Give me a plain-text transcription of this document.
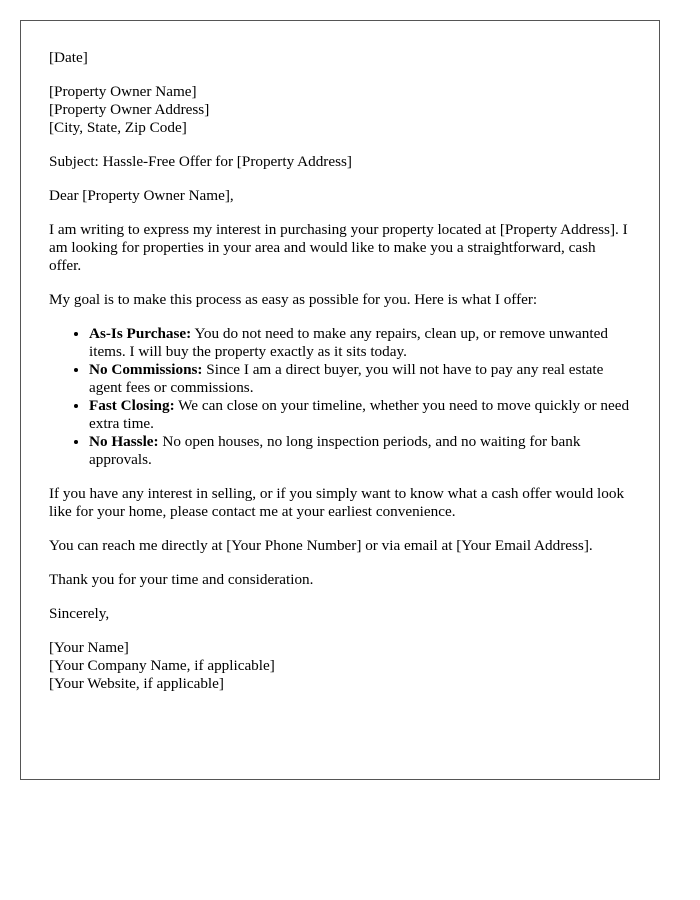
[Date]

[Property Owner Name]
[Property Owner Address]
[City, State, Zip Code]

Subject: Hassle-Free Offer for [Property Address]

Dear [Property Owner Name],

I am writing to express my interest in purchasing your property located at [Property Address]. I am looking for properties in your area and would like to make you a straightforward, cash offer.

My goal is to make this process as easy as possible for you. Here is what I offer:

• As-Is Purchase: You do not need to make any repairs, clean up, or remove unwanted items. I will buy the property exactly as it sits today.
• No Commissions: Since I am a direct buyer, you will not have to pay any real estate agent fees or commissions.
• Fast Closing: We can close on your timeline, whether you need to move quickly or need extra time.
• No Hassle: No open houses, no long inspection periods, and no waiting for bank approvals.

If you have any interest in selling, or if you simply want to know what a cash offer would look like for your home, please contact me at your earliest convenience.

You can reach me directly at [Your Phone Number] or via email at [Your Email Address].

Thank you for your time and consideration.

Sincerely,

[Your Name]
[Your Company Name, if applicable]
[Your Website, if applicable]
